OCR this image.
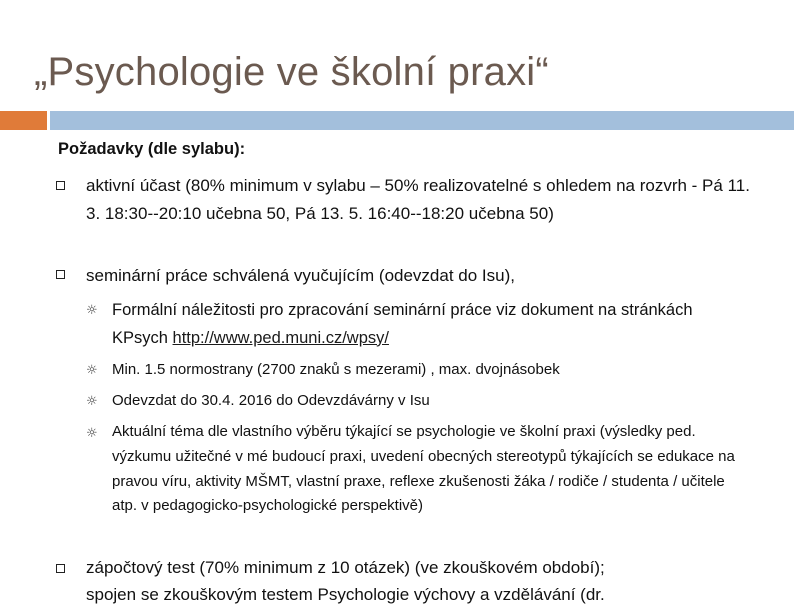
„Psychologie ve školní praxi“
Požadavky (dle sylabu):
aktivní účast (80% minimum v sylabu – 50% realizovatelné s ohledem na rozvrh - Pá 11. 3. 18:30--20:10 učebna 50, Pá 13. 5. 16:40--18:20 učebna 50)
seminární práce schválená vyučujícím (odevzdat do Isu),
☼ Formální náležitosti pro zpracování seminární práce viz dokument na stránkách KPsych http://www.ped.muni.cz/wpsy/
☼ Min. 1.5 normostrany (2700 znaků s mezerami) , max. dvojnásobek
☼ Odevzdat do 30.4. 2016 do Odevzdávárny v Isu
☼ Aktuální téma dle vlastního výběru týkající se psychologie ve školní praxi (výsledky ped. výzkumu užitečné v mé budoucí praxi, uvedení obecných stereotypů týkajících se edukace na pravou víru, aktivity MŠMT, vlastní praxe, reflexe zkušenosti žáka / rodiče / studenta / učitele atp. v pedagogicko-psychologické perspektivě)
zápočtový test (70% minimum z 10 otázek) (ve zkouškovém období);
spojen se zkouškovým testem Psychologie výchovy a vzdělávání (dr.
